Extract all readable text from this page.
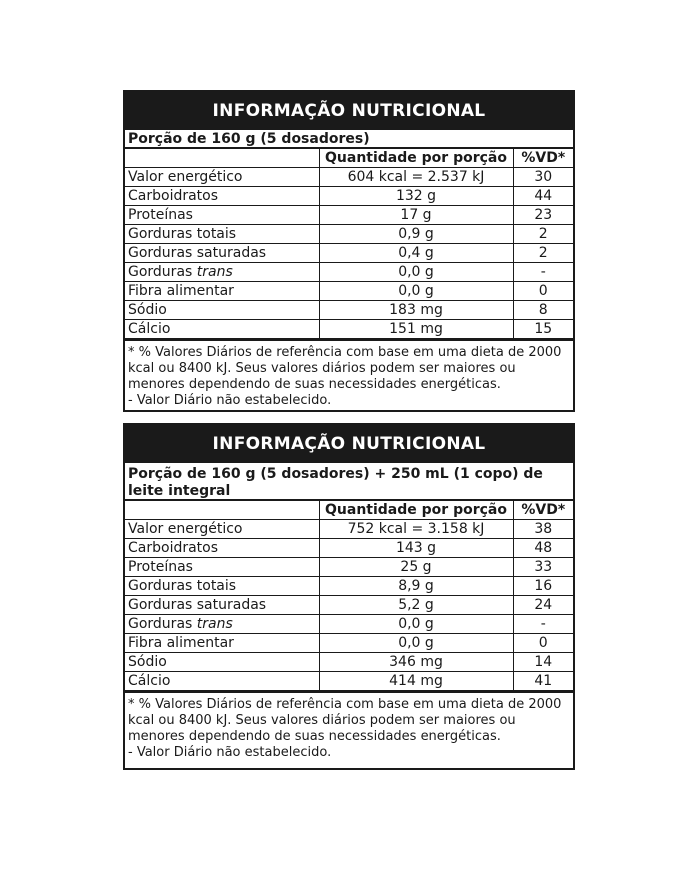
INFORMAÇÃO NUTRICIONAL
Porção de 160 g (5 dosadores)
	Quantidade por porção	%VD*
Valor energético	604 kcal = 2.537 kJ	30
Carboidratos	132 g	44
Proteínas	17 g	23
Gorduras totais	0,9 g	2
Gorduras saturadas	0,4 g	2
Gorduras trans	0,0 g	-
Fibra alimentar	0,0 g	0
Sódio	183 mg	8
Cálcio	151 mg	15

* % Valores Diários de referência com base em uma dieta de 2000 kcal ou 8400 kJ. Seus valores diários podem ser maiores ou menores dependendo de suas necessidades energéticas.

- Valor Diário não estabelecido.

INFORMAÇÃO NUTRICIONAL
Porção de 160 g (5 dosadores) + 250 mL (1 copo) de leite integral
	Quantidade por porção	%VD*
Valor energético	752 kcal = 3.158 kJ	38
Carboidratos	143 g	48
Proteínas	25 g	33
Gorduras totais	8,9 g	16
Gorduras saturadas	5,2 g	24
Gorduras trans	0,0 g	-
Fibra alimentar	0,0 g	0
Sódio	346 mg	14
Cálcio	414 mg	41

* % Valores Diários de referência com base em uma dieta de 2000 kcal ou 8400 kJ. Seus valores diários podem ser maiores ou menores dependendo de suas necessidades energéticas.

- Valor Diário não estabelecido.
